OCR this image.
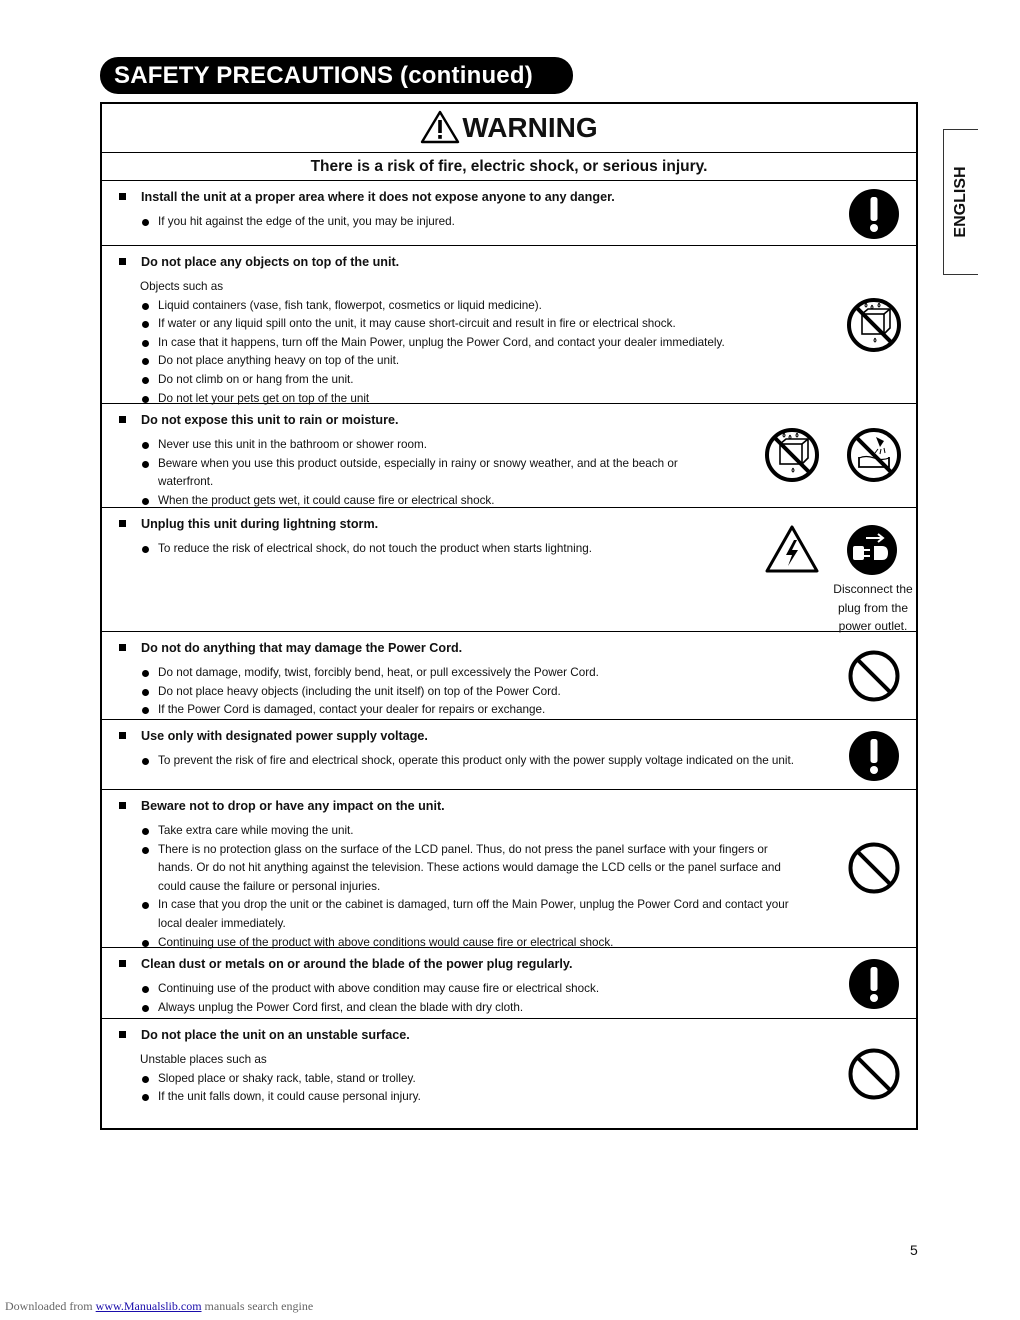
SAFETY PRECAUTIONS (continued)
ENGLISH
WARNING
There is a risk of fire, electric shock, or serious injury.
Install the unit at a proper area where it does not expose anyone to any danger.
If you hit against the edge of the unit, you may be injured.
Do not place any objects on top of the unit.
Objects such as
Liquid containers (vase, fish tank, flowerpot, cosmetics or liquid medicine).
If water or any liquid spill onto the unit, it may cause short-circuit and result in fire or electrical shock.
In case that it happens, turn off the Main Power, unplug the Power Cord, and contact your dealer immediately.
Do not place anything heavy on top of the unit.
Do not climb on or hang from the unit.
Do not let your pets get on top of the unit
Do not expose this unit to rain or moisture.
Never use this unit in the bathroom or shower room.
Beware when you use this product outside, especially in rainy or snowy weather, and at the beach or
waterfront.
When the product gets wet, it could cause fire or electrical shock.
Unplug this unit during lightning storm.
To reduce the risk of electrical shock, do not touch the product when starts lightning.
Disconnect the
plug from the
power outlet.
Do not do anything that may damage the Power Cord.
Do not damage, modify, twist, forcibly bend, heat, or pull excessively the Power Cord.
Do not place heavy objects (including the unit itself) on top of the Power Cord.
If the Power Cord is damaged, contact your dealer for repairs or exchange.
Use only with designated power supply voltage.
To prevent the risk of fire and electrical shock, operate this product only with the power supply voltage indicated on the unit.
Beware not to drop or have any impact on the unit.
Take extra care while moving the unit.
There is no protection glass on the surface of the LCD panel. Thus, do not press the panel surface with your fingers or
hands. Or do not hit anything against the television. These actions would damage the LCD cells or the panel surface and
could cause the failure or personal injuries.
In case that you drop the unit or the cabinet is damaged, turn off the Main Power, unplug the Power Cord and contact your
local dealer immediately.
Continuing use of the product with above conditions would cause fire or electrical shock.
Clean dust or metals on or around the blade of the power plug regularly.
Continuing use of the product with above condition may cause fire or electrical shock.
Always unplug the Power Cord first, and clean the blade with dry cloth.
Do not place the unit on an unstable surface.
Unstable places such as
Sloped place or shaky rack, table, stand or trolley.
If the unit falls down, it could cause personal injury.
5
Downloaded from www.Manualslib.com manuals search engine
